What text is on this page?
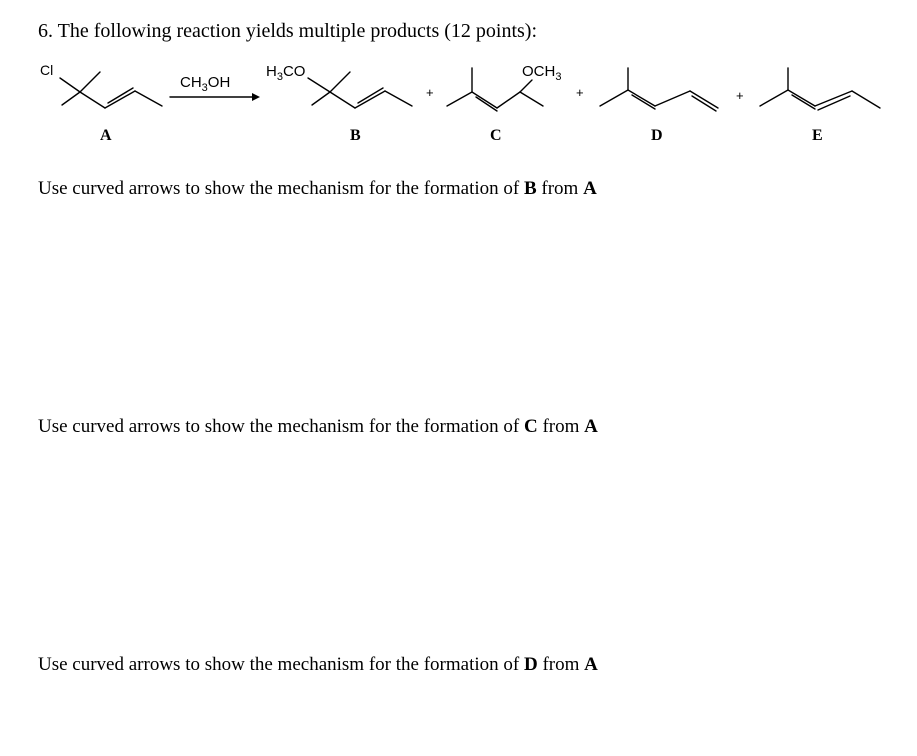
6. The following reaction yields multiple products (12 points):
Cl
$CH_3OH$
$H_3CO$	$OCH_3$
+	+	+
A	B	C	D	E
Use curved arrows to show the mechanism for the formation of B from A
Use curved arrows to show the mechanism for the formation of C from A
Use curved arrows to show the mechanism for the formation of D from A
